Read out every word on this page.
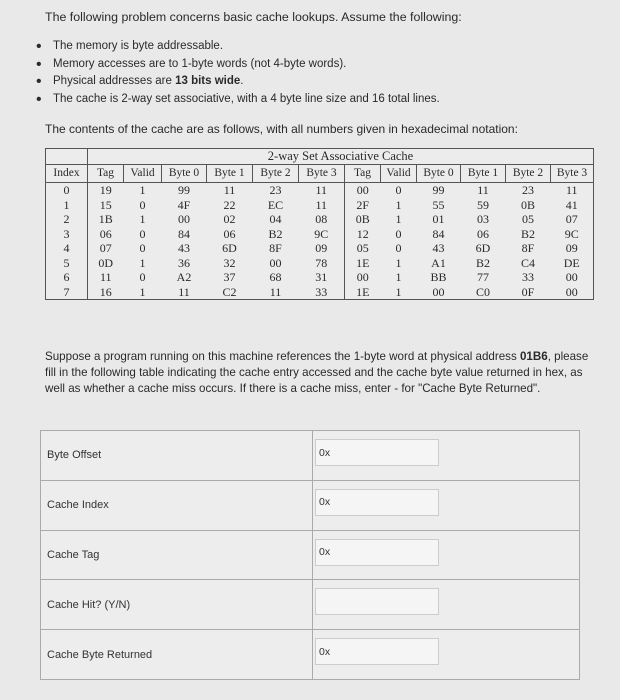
The following problem concerns basic cache lookups. Assume the following:
• The memory is byte addressable.
• Memory accesses are to 1-byte words (not 4-byte words).
• Physical addresses are 13 bits wide.
• The cache is 2-way set associative, with a 4 byte line size and 16 total lines.
The contents of the cache are as follows, with all numbers given in hexadecimal notation:
	2-way Set Associative Cache											
Index	Tag	Valid	Byte 0	Byte 1	Byte 2	Byte 3	Tag	Valid	Byte 0	Byte 1	Byte 2	Byte 3
0	19	1	99	11	23	11	00	0	99	11	23	11
1	15	0	4F	22	EC	11	2F	1	55	59	0B	41
2	1B	1	00	02	04	08	0B	1	01	03	05	07
3	06	0	84	06	B2	9C	12	0	84	06	B2	9C
4	07	0	43	6D	8F	09	05	0	43	6D	8F	09
5	0D	1	36	32	00	78	1E	1	A1	B2	C4	DE
6	11	0	A2	37	68	31	00	1	BB	77	33	00
7	16	1	11	C2	11	33	1E	1	00	C0	0F	00
Suppose a program running on this machine references the 1-byte word at physical address 01B6, please fill in the following table indicating the cache entry accessed and the cache byte value returned in hex, as well as whether a cache miss occurs. If there is a cache miss, enter - for "Cache Byte Returned".
Byte Offset	
0x
Cache Index	
0x
Cache Tag	
0x
Cache Hit? (Y/N)	

Cache Byte Returned	
0x
